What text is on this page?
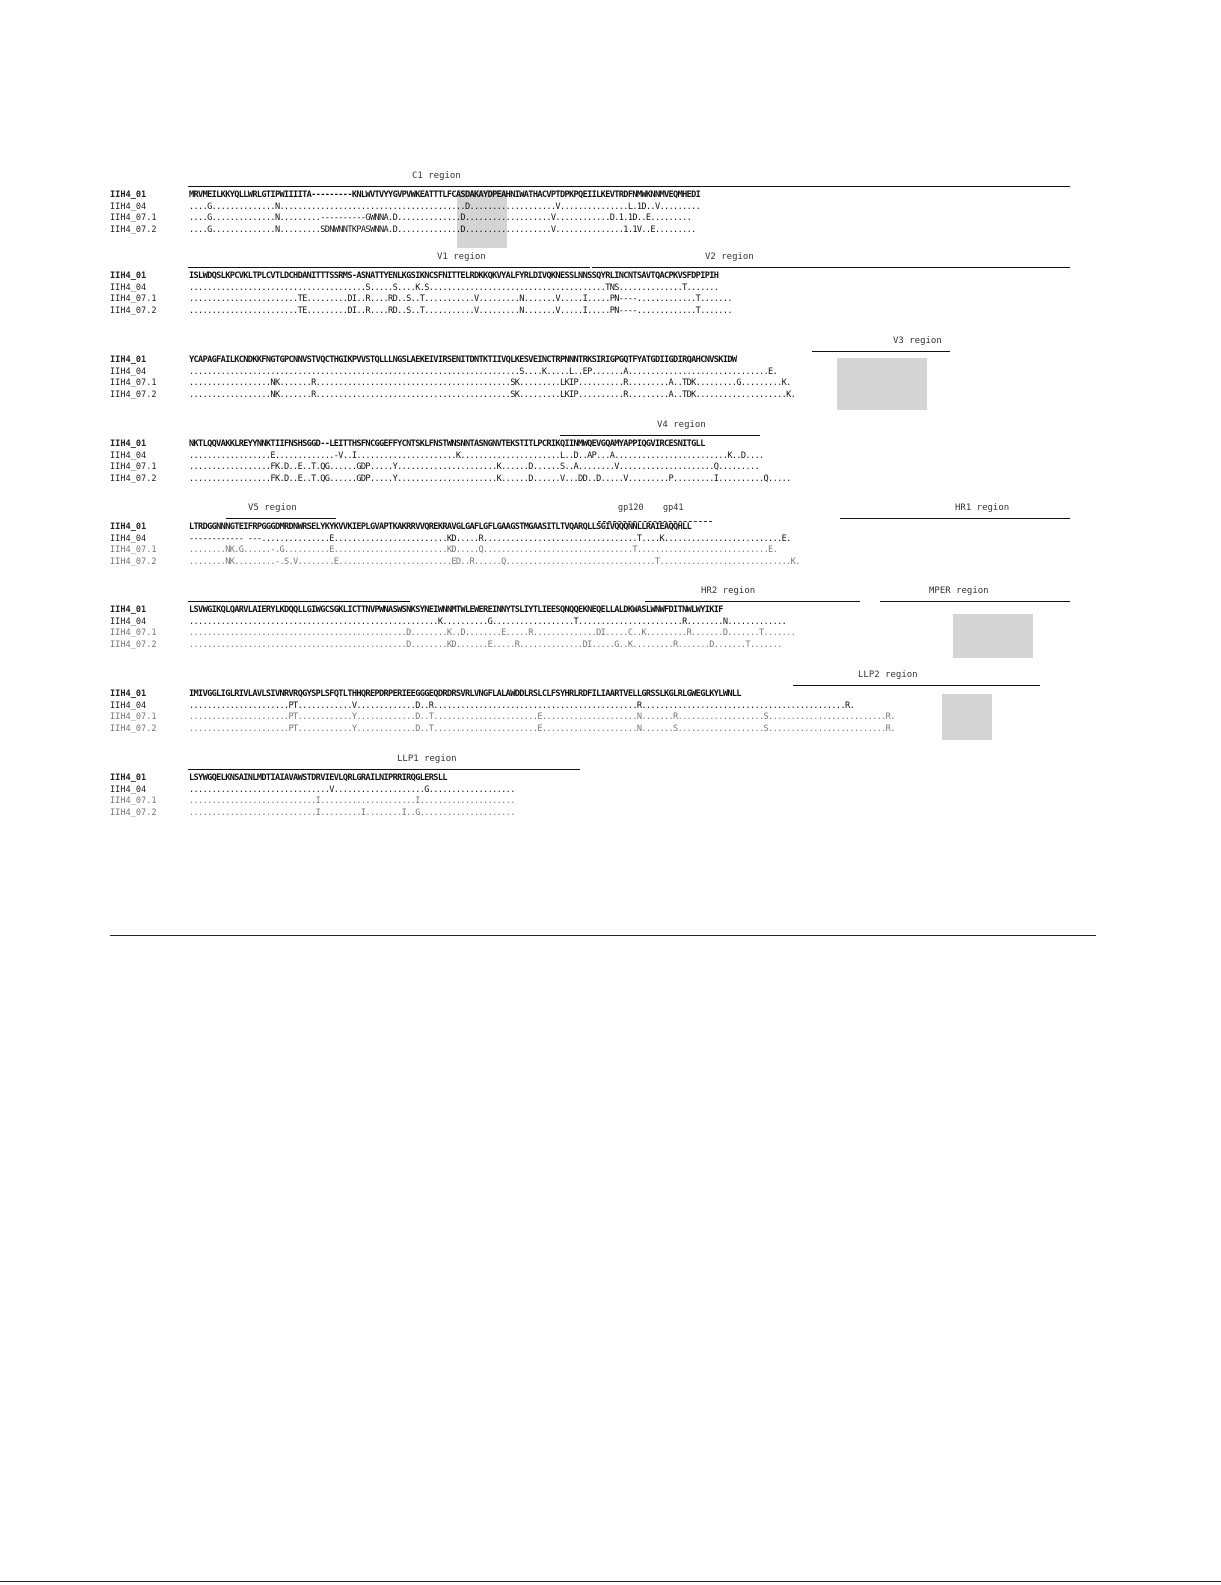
C1 region
IIH4_01	MRVMEILKKYQLLWRLGTIPWIIIITA---------KNLWVTVYYGVPVWKEATTTLFCASDAKAYDPEAHNIWATHACVPTDPKPQEIILKEVTRDFNMWKNNMVEQMHEDI
IIH4_04	....G..............N.........................................D...................V...............L.1D..V.........
IIH4_07.1	....G..............N.........----------GWNNA.D..............D...................V............D.1.1D..E.........
IIH4_07.2	....G..............N.........SDNWNNTKPASWNNA.D..............D...................V...............1.1V..E.........
V1 region	V2 region
IIH4_01	ISLWDQSLKPCVKLTPLCVTLDCHDANITTTSSRMS-ASNATTYENLKGSIKNCSFNITTELRDKKQKVYALFYRLDIVQKNESSLNNSSQYRLINCNTSAVTQACPKVSFDPIPIH
IIH4_04	.......................................S.....S....K.S.......................................TNS..............T.......
IIH4_07.1	........................TE.........DI..R....RD..S..T...........V.........N.......V.....I.....PN----.............T.......
IIH4_07.2	........................TE.........DI..R....RD..S..T...........V.........N.......V.....I.....PN----.............T.......
V3 region
IIH4_01	YCAPAGFAILKCNDKKFNGTGPCNNVSTVQCTHGIKPVVSTQLLLNGSLAEKEIVIRSENITDNTKTIIVQLKESVEINCTRPNNNTRKSIRIGPGQTFYATGDIIGDIRQAHCNVSKIDW
IIH4_04	.........................................................................S....K.....L..EP.......A...............................E.
IIH4_07.1	..................NK.......R...........................................SK.........LKIP..........R.........A..TDK.........G.........K.
IIH4_07.2	..................NK.......R...........................................SK.........LKIP..........R.........A..TDK....................K.
V4 region
IIH4_01	NKTLQQVAKKLREYYNNKTIIFNSHSGGD--LEITTHSFNCGGEFFYCNTSKLFNSTWNSNNTASNGNVTEKSTITLPCRIKQIINMWQEVGQAMYAPPIQGVIRCESNITGLL
IIH4_04	..................E.............-V..I......................K......................L..D..AP...A.........................K..D....
IIH4_07.1	..................FK.D..E..T.QG......GDP.....Y......................K......D......S..A........V.....................Q.........
IIH4_07.2	..................FK.D..E..T.QG......GDP.....Y......................K......D......V...DD..D.....V.........P.........I..........Q.....
V5 region	gp120 gp41	HR1 region
IIH4_01	LTRDGGNNNGTEIFRPGGGDMRDNWRSELYKYKVVKIEPLGVAPTKAKRRVVQREKRAVGLGAFLGFLGAAGSTMGAASITLTVQARQLLSGIVQQQNNLLRAIEAQQHLL
IIH4_04	------------ ---...............E.........................KD.....R..................................T....K..........................E.
IIH4_07.1	........NK.G......-.G..........E.........................KD.....Q.................................T.............................E.
IIH4_07.2	........NK.........-.S.V........E.........................ED..R......Q.................................T.............................K.
HR2 region	MPER region
IIH4_01	LSVWGIKQLQARVLAIERYLKDQQLLGIWGCSGKLICTTNVPWNASWSNKSYNEIWNNMTWLEWEREINNYTSLIYTLIEESQNQQEKNEQELLALDKWASLWNWFDITNWLWYIKIF
IIH4_04	.......................................................K..........G..................T.......................R........N.............
IIH4_07.1	................................................D........K..D........E.....R..............DI.....C..K.........R.......D.......T.......
IIH4_07.2	................................................D........KD.......E.....R..............DI.....G..K.........R.......D.......T.......
LLP2 region
IIH4_01	IMIVGGLIGLRIVLAVLSIVNRVRQGYSPLSFQTLTHHQREPDRPERIEEGGGEQDRDRSVRLVNGFLALAWDDLRSLCLFSYHRLRDFILIAARTVELLGRSSLKGLRLGWEGLKYLWNLL
IIH4_04	......................PT............V.............D..R.............................................R.............................................R.
IIH4_07.1	......................PT............Y.............D..T.......................E.....................N.......R...................S..........................R.
IIH4_07.2	......................PT............Y.............D..T.......................E.....................N.......S...................S..........................R.
LLP1 region
IIH4_01	LSYWGQELKNSAINLMDTIAIAVAWSTDRVIEVLQRLGRAILNIPRRIRQGLERSLL
IIH4_04	...............................V....................G...................
IIH4_07.1	............................I.....................I.....................
IIH4_07.2	............................I.........I........I..G.....................
